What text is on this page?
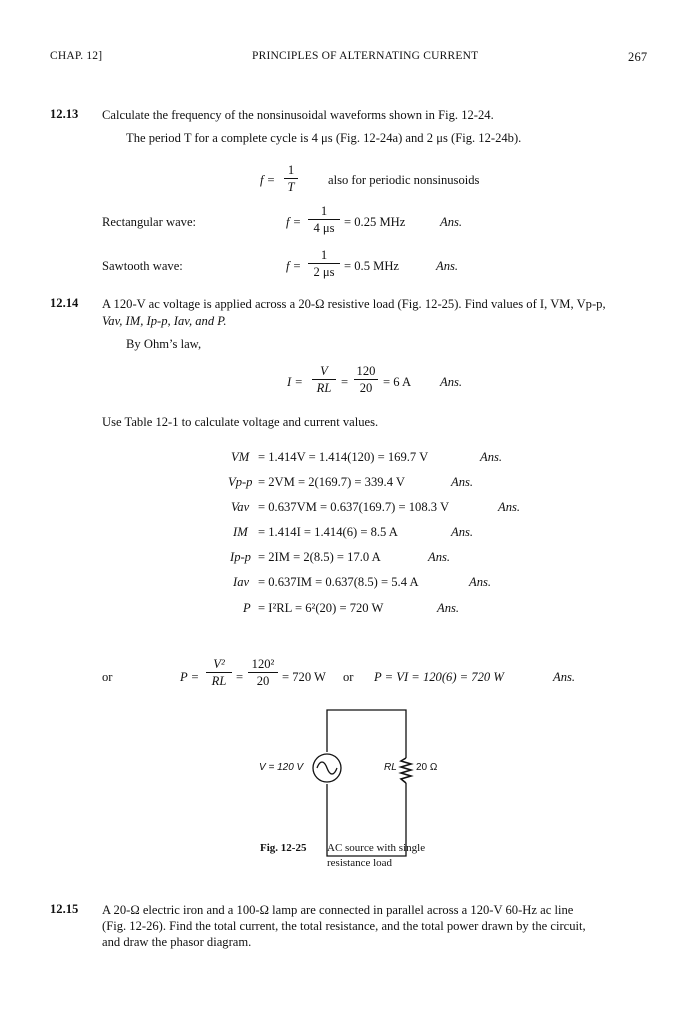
CHAP. 12]	PRINCIPLES OF ALTERNATING CURRENT	267
12.13 Calculate the frequency of the nonsinusoidal waveforms shown in Fig. 12-24.
The period T for a complete cycle is 4 μs (Fig. 12-24a) and 2 μs (Fig. 12-24b).
f =
1
T	also for periodic nonsinusoids
Rectangular wave:	f =
1
4 μs = 0.25 MHz	Ans.
Sawtooth wave:	f =
1
2 μs = 0.5 MHz	Ans.
12.14 A 120-V ac voltage is applied across a 20-Ω resistive load (Fig. 12-25). Find values of I, VM, Vp-p,
Vav, IM, Ip-p, Iav, and P.
By Ohm’s law,
I =
V
RL =
120
20 = 6 A Ans.
Use Table 12-1 to calculate voltage and current values.
VM = 1.414V = 1.414(120) = 169.7 V	Ans.
Vp-p = 2VM = 2(169.7) = 339.4 V	Ans.
Vav = 0.637VM = 0.637(169.7) = 108.3 V	Ans.
IM = 1.414I = 1.414(6) = 8.5 A	Ans.
Ip-p = 2IM = 2(8.5) = 17.0 A	Ans.
Iav = 0.637IM = 0.637(8.5) = 5.4 A	Ans.
P = I²RL = 6²(20) = 720 W	Ans.
or	P =
V²
RL =
120²
20	= 720 W or P = VI = 120(6) = 720 W	Ans.
V = 120 V	RL 20 Ω
Fig. 12-25 AC source with single
resistance load
12.15 A 20-Ω electric iron and a 100-Ω lamp are connected in parallel across a 120-V 60-Hz ac line
(Fig. 12-26). Find the total current, the total resistance, and the total power drawn by the circuit,
and draw the phasor diagram.
